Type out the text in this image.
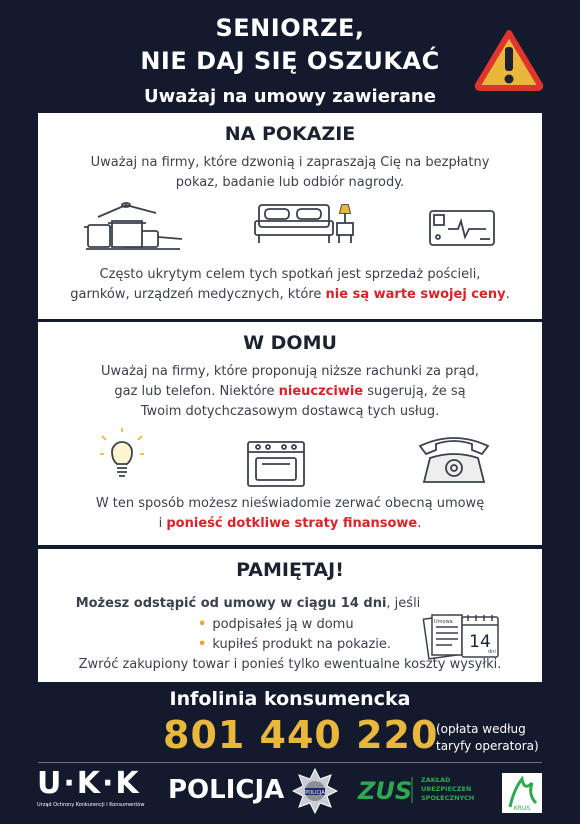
SENIORZE,
NIE DAJ SIĘ OSZUKAĆ
Uważaj na umowy zawierane
NA POKAZIE
Uważaj na firmy, które dzwonią i zapraszają Cię na bezpłatny
pokaz, badanie lub odbiór nagrody.
Często ukrytym celem tych spotkań jest sprzedaż pościeli,
garnków, urządzeń medycznych, które nie są warte swojej ceny.
W DOMU
Uważaj na firmy, które proponują niższe rachunki za prąd,
gaz lub telefon. Niektóre nieuczciwie sugerują, że są
Twoim dotychczasowym dostawcą tych usług.
W ten sposób możesz nieświadomie zerwać obecną umowę
i ponieść dotkliwe straty finansowe.
PAMIĘTAJ!
Możesz odstąpić od umowy w ciągu 14 dni, jeśli
• podpisałeś ją w domu
• kupiłeś produkt na pokazie.
Umowa
14
dni
Zwróć zakupiony towar i ponieś tylko ewentualne koszty wysyłki.
Infolinia konsumencka
801 440 220
(opłata według
taryfy operatora)
U·K·K
Urząd Ochrony Konkurencji i Konsumentów POLICJA	POLICJA ZUS ZAKŁAD
UBEZPIECZEŃ
SPOŁECZNYCH
KRUS
